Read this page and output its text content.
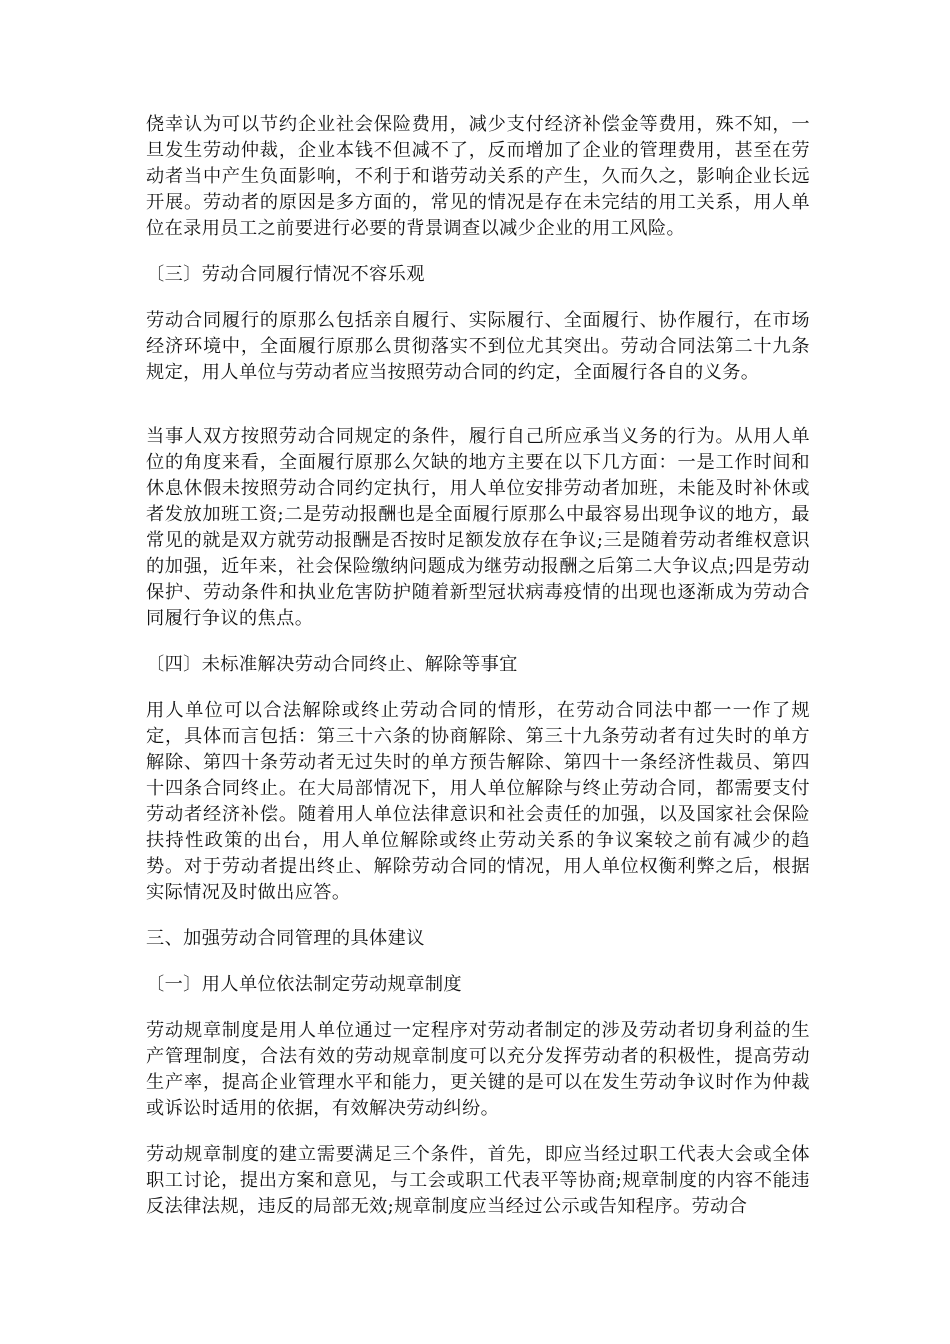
侥幸认为可以节约企业社会保险费用，减少支付经济补偿金等费用，殊不知，一旦发生劳动仲裁，企业本钱不但减不了，反而增加了企业的管理费用，甚至在劳动者当中产生负面影响，不利于和谐劳动关系的产生，久而久之，影响企业长远开展。劳动者的原因是多方面的，常见的情况是存在未完结的用工关系，用人单位在录用员工之前要进行必要的背景调查以减少企业的用工风险。

〔三〕劳动合同履行情况不容乐观

劳动合同履行的原那么包括亲自履行、实际履行、全面履行、协作履行，在市场经济环境中，全面履行原那么贯彻落实不到位尤其突出。劳动合同法第二十九条规定，用人单位与劳动者应当按照劳动合同的约定，全面履行各自的义务。

当事人双方按照劳动合同规定的条件，履行自己所应承当义务的行为。从用人单位的角度来看，全面履行原那么欠缺的地方主要在以下几方面：一是工作时间和休息休假未按照劳动合同约定执行，用人单位安排劳动者加班，未能及时补休或者发放加班工资;二是劳动报酬也是全面履行原那么中最容易出现争议的地方，最常见的就是双方就劳动报酬是否按时足额发放存在争议;三是随着劳动者维权意识的加强，近年来，社会保险缴纳问题成为继劳动报酬之后第二大争议点;四是劳动保护、劳动条件和执业危害防护随着新型冠状病毒疫情的出现也逐渐成为劳动合同履行争议的焦点。

〔四〕未标准解决劳动合同终止、解除等事宜

用人单位可以合法解除或终止劳动合同的情形，在劳动合同法中都一一作了规定，具体而言包括：第三十六条的协商解除、第三十九条劳动者有过失时的单方解除、第四十条劳动者无过失时的单方预告解除、第四十一条经济性裁员、第四十四条合同终止。在大局部情况下，用人单位解除与终止劳动合同，都需要支付劳动者经济补偿。随着用人单位法律意识和社会责任的加强，以及国家社会保险扶持性政策的出台，用人单位解除或终止劳动关系的争议案较之前有减少的趋势。对于劳动者提出终止、解除劳动合同的情况，用人单位权衡利弊之后，根据实际情况及时做出应答。

三、加强劳动合同管理的具体建议

〔一〕用人单位依法制定劳动规章制度

劳动规章制度是用人单位通过一定程序对劳动者制定的涉及劳动者切身利益的生产管理制度，合法有效的劳动规章制度可以充分发挥劳动者的积极性，提高劳动生产率，提高企业管理水平和能力，更关键的是可以在发生劳动争议时作为仲裁或诉讼时适用的依据，有效解决劳动纠纷。

劳动规章制度的建立需要满足三个条件，首先，即应当经过职工代表大会或全体职工讨论，提出方案和意见，与工会或职工代表平等协商;规章制度的内容不能违反法律法规，违反的局部无效;规章制度应当经过公示或告知程序。劳动合
